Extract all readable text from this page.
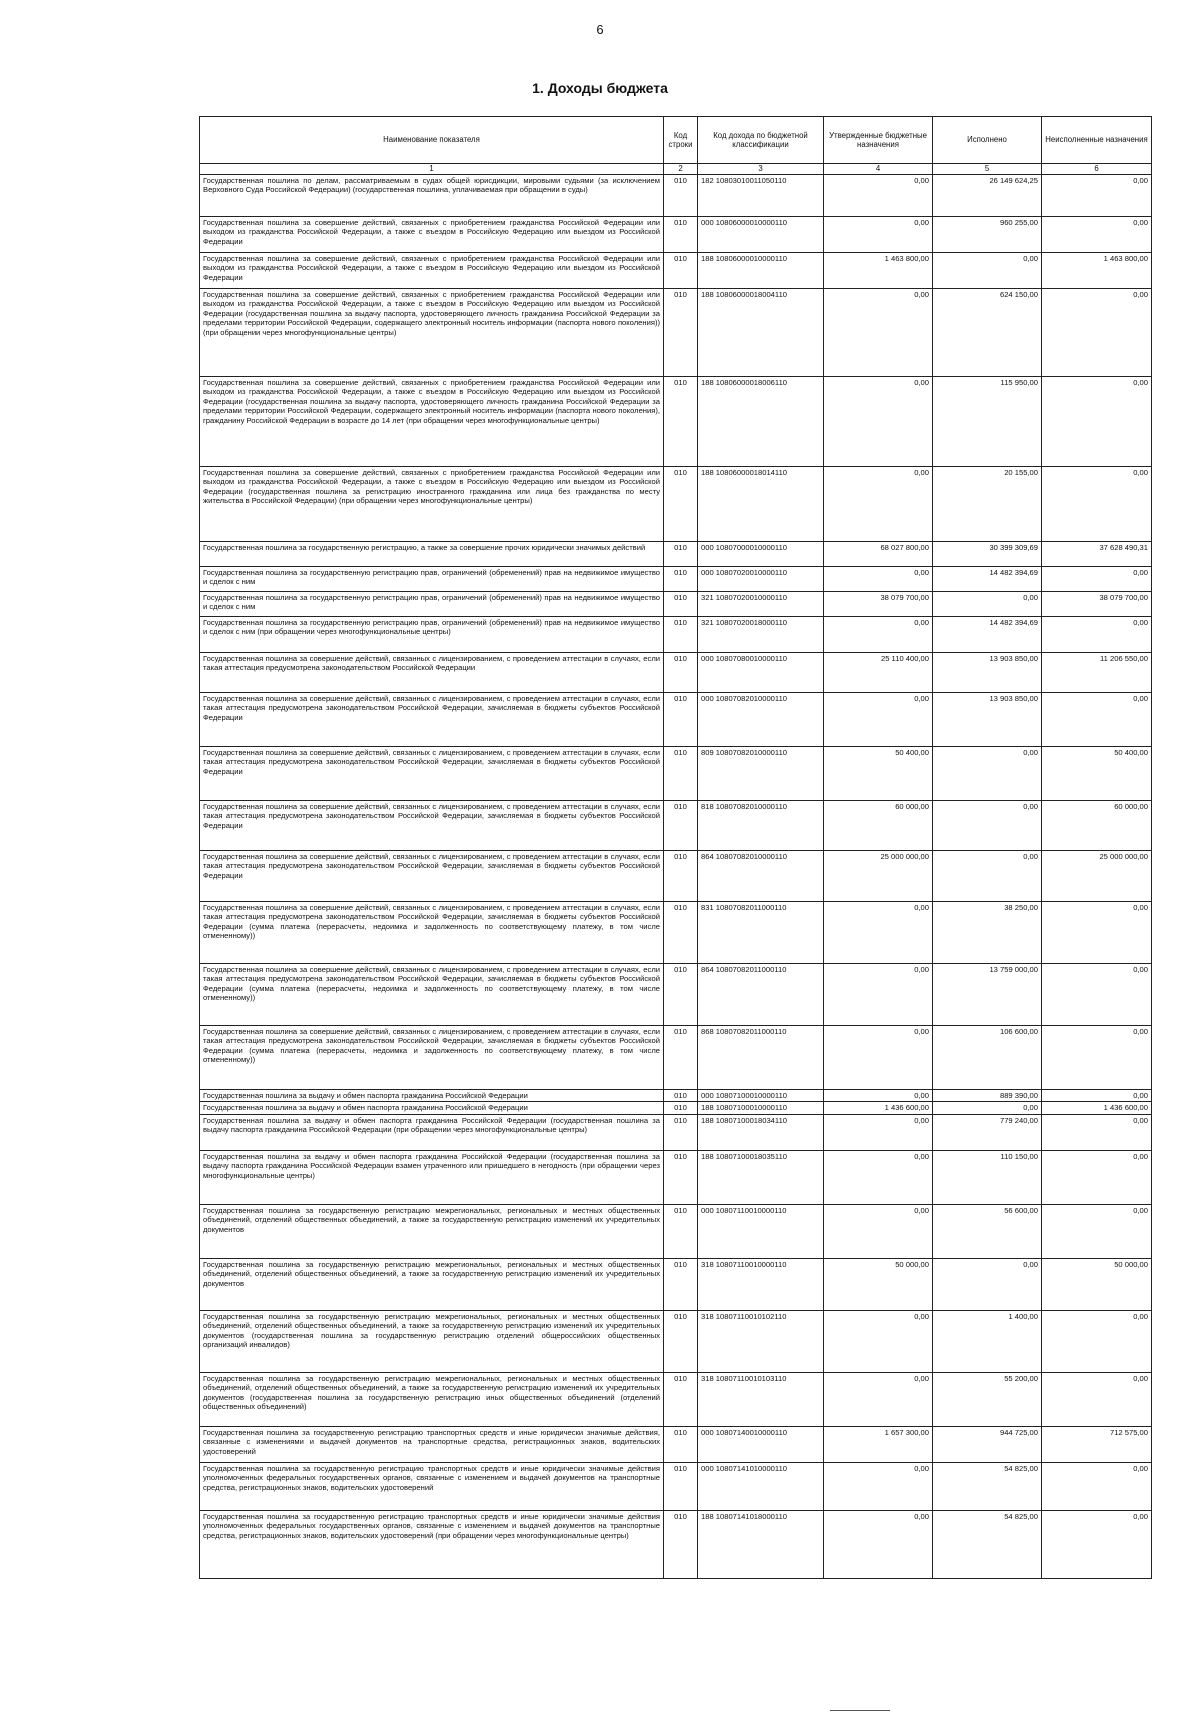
6
1. Доходы бюджета
Наименование показателя	Код строки	Код дохода по бюджетной классификации	Утвержденные бюджетные назначения	Исполнено	Неисполненные назначения
1	2	3	4	5	6
Государственная пошлина по делам, рассматриваемым в судах общей юрисдикции, мировыми судьями (за исключением Верховного Суда Российской Федерации) (государственная пошлина, уплачиваемая при обращении в суды)	010	182 10803010011050110	0,00	26 149 624,25	0,00
Государственная пошлина за совершение действий, связанных с приобретением гражданства Российской Федерации или выходом из гражданства Российской Федерации, а также с въездом в Российскую Федерацию или выездом из Российской Федерации	010	000 10806000010000110	0,00	960 255,00	0,00
Государственная пошлина за совершение действий, связанных с приобретением гражданства Российской Федерации или выходом из гражданства Российской Федерации, а также с въездом в Российскую Федерацию или выездом из Российской Федерации	010	188 10806000010000110	1 463 800,00	0,00	1 463 800,00
Государственная пошлина за совершение действий, связанных с приобретением гражданства Российской Федерации или выходом из гражданства Российской Федерации, а также с въездом в Российскую Федерацию или выездом из Российской Федерации (государственная пошлина за выдачу паспорта, удостоверяющего личность гражданина Российской Федерации за пределами территории Российской Федерации, содержащего электронный носитель информации (паспорта нового поколения)) (при обращении через многофункциональные центры)	010	188 10806000018004110	0,00	624 150,00	0,00
Государственная пошлина за совершение действий, связанных с приобретением гражданства Российской Федерации или выходом из гражданства Российской Федерации, а также с въездом в Российскую Федерацию или выездом из Российской Федерации (государственная пошлина за выдачу паспорта, удостоверяющего личность гражданина Российской Федерации за пределами территории Российской Федерации, содержащего электронный носитель информации (паспорта нового поколения), гражданину Российской Федерации в возрасте до 14 лет (при обращении через многофункциональные центры)	010	188 10806000018006110	0,00	115 950,00	0,00
Государственная пошлина за совершение действий, связанных с приобретением гражданства Российской Федерации или выходом из гражданства Российской Федерации, а также с въездом в Российскую Федерацию или выездом из Российской Федерации (государственная пошлина за регистрацию иностранного гражданина или лица без гражданства по месту жительства в Российской Федерации) (при обращении через многофункциональные центры)	010	188 10806000018014110	0,00	20 155,00	0,00
Государственная пошлина за государственную регистрацию, а также за совершение прочих юридически значимых действий	010	000 10807000010000110	68 027 800,00	30 399 309,69	37 628 490,31
Государственная пошлина за государственную регистрацию прав, ограничений (обременений) прав на недвижимое имущество и сделок с ним	010	000 10807020010000110	0,00	14 482 394,69	0,00
Государственная пошлина за государственную регистрацию прав, ограничений (обременений) прав на недвижимое имущество и сделок с ним	010	321 10807020010000110	38 079 700,00	0,00	38 079 700,00
Государственная пошлина за государственную регистрацию прав, ограничений (обременений) прав на недвижимое имущество и сделок с ним (при обращении через многофункциональные центры)	010	321 10807020018000110	0,00	14 482 394,69	0,00
Государственная пошлина за совершение действий, связанных с лицензированием, с проведением аттестации в случаях, если такая аттестация предусмотрена законодательством Российской Федерации	010	000 10807080010000110	25 110 400,00	13 903 850,00	11 206 550,00
Государственная пошлина за совершение действий, связанных с лицензированием, с проведением аттестации в случаях, если такая аттестация предусмотрена законодательством Российской Федерации, зачисляемая в бюджеты субъектов Российской Федерации	010	000 10807082010000110	0,00	13 903 850,00	0,00
Государственная пошлина за совершение действий, связанных с лицензированием, с проведением аттестации в случаях, если такая аттестация предусмотрена законодательством Российской Федерации, зачисляемая в бюджеты субъектов Российской Федерации	010	809 10807082010000110	50 400,00	0,00	50 400,00
Государственная пошлина за совершение действий, связанных с лицензированием, с проведением аттестации в случаях, если такая аттестация предусмотрена законодательством Российской Федерации, зачисляемая в бюджеты субъектов Российской Федерации	010	818 10807082010000110	60 000,00	0,00	60 000,00
Государственная пошлина за совершение действий, связанных с лицензированием, с проведением аттестации в случаях, если такая аттестация предусмотрена законодательством Российской Федерации, зачисляемая в бюджеты субъектов Российской Федерации	010	864 10807082010000110	25 000 000,00	0,00	25 000 000,00
Государственная пошлина за совершение действий, связанных с лицензированием, с проведением аттестации в случаях, если такая аттестация предусмотрена законодательством Российской Федерации, зачисляемая в бюджеты субъектов Российской Федерации (сумма платежа (перерасчеты, недоимка и задолженность по соответствующему платежу, в том числе отмененному))	010	831 10807082011000110	0,00	38 250,00	0,00
Государственная пошлина за совершение действий, связанных с лицензированием, с проведением аттестации в случаях, если такая аттестация предусмотрена законодательством Российской Федерации, зачисляемая в бюджеты субъектов Российской Федерации (сумма платежа (перерасчеты, недоимка и задолженность по соответствующему платежу, в том числе отмененному))	010	864 10807082011000110	0,00	13 759 000,00	0,00
Государственная пошлина за совершение действий, связанных с лицензированием, с проведением аттестации в случаях, если такая аттестация предусмотрена законодательством Российской Федерации, зачисляемая в бюджеты субъектов Российской Федерации (сумма платежа (перерасчеты, недоимка и задолженность по соответствующему платежу, в том числе отмененному))	010	868 10807082011000110	0,00	106 600,00	0,00
Государственная пошлина за выдачу и обмен паспорта гражданина Российской Федерации	010	000 10807100010000110	0,00	889 390,00	0,00
Государственная пошлина за выдачу и обмен паспорта гражданина Российской Федерации	010	188 10807100010000110	1 436 600,00	0,00	1 436 600,00
Государственная пошлина за выдачу и обмен паспорта гражданина Российской Федерации (государственная пошлина за выдачу паспорта гражданина Российской Федерации (при обращении через многофункциональные центры)	010	188 10807100018034110	0,00	779 240,00	0,00
Государственная пошлина за выдачу и обмен паспорта гражданина Российской Федерации (государственная пошлина за выдачу паспорта гражданина Российской Федерации взамен утраченного или пришедшего в негодность (при обращении через многофункциональные центры)	010	188 10807100018035110	0,00	110 150,00	0,00
Государственная пошлина за государственную регистрацию межрегиональных, региональных и местных общественных объединений, отделений общественных объединений, а также за государственную регистрацию изменений их учредительных документов	010	000 10807110010000110	0,00	56 600,00	0,00
Государственная пошлина за государственную регистрацию межрегиональных, региональных и местных общественных объединений, отделений общественных объединений, а также за государственную регистрацию изменений их учредительных документов	010	318 10807110010000110	50 000,00	0,00	50 000,00
Государственная пошлина за государственную регистрацию межрегиональных, региональных и местных общественных объединений, отделений общественных объединений, а также за государственную регистрацию изменений их учредительных документов (государственная пошлина за государственную регистрацию отделений общероссийских общественных организаций инвалидов)	010	318 10807110010102110	0,00	1 400,00	0,00
Государственная пошлина за государственную регистрацию межрегиональных, региональных и местных общественных объединений, отделений общественных объединений, а также за государственную регистрацию изменений их учредительных документов (государственная пошлина за государственную регистрацию иных общественных объединений (отделений общественных объединений)	010	318 10807110010103110	0,00	55 200,00	0,00
Государственная пошлина за государственную регистрацию транспортных средств и иные юридически значимые действия, связанные с изменениями и выдачей документов на транспортные средства, регистрационных знаков, водительских удостоверений	010	000 10807140010000110	1 657 300,00	944 725,00	712 575,00
Государственная пошлина за государственную регистрацию транспортных средств и иные юридически значимые действия уполномоченных федеральных государственных органов, связанные с изменением и выдачей документов на транспортные средства, регистрационных знаков, водительских удостоверений	010	000 10807141010000110	0,00	54 825,00	0,00
Государственная пошлина за государственную регистрацию транспортных средств и иные юридически значимые действия уполномоченных федеральных государственных органов, связанные с изменением и выдачей документов на транспортные средства, регистрационных знаков, водительских удостоверений (при обращении через многофункциональные центры)	010	188 10807141018000110	0,00	54 825,00	0,00
